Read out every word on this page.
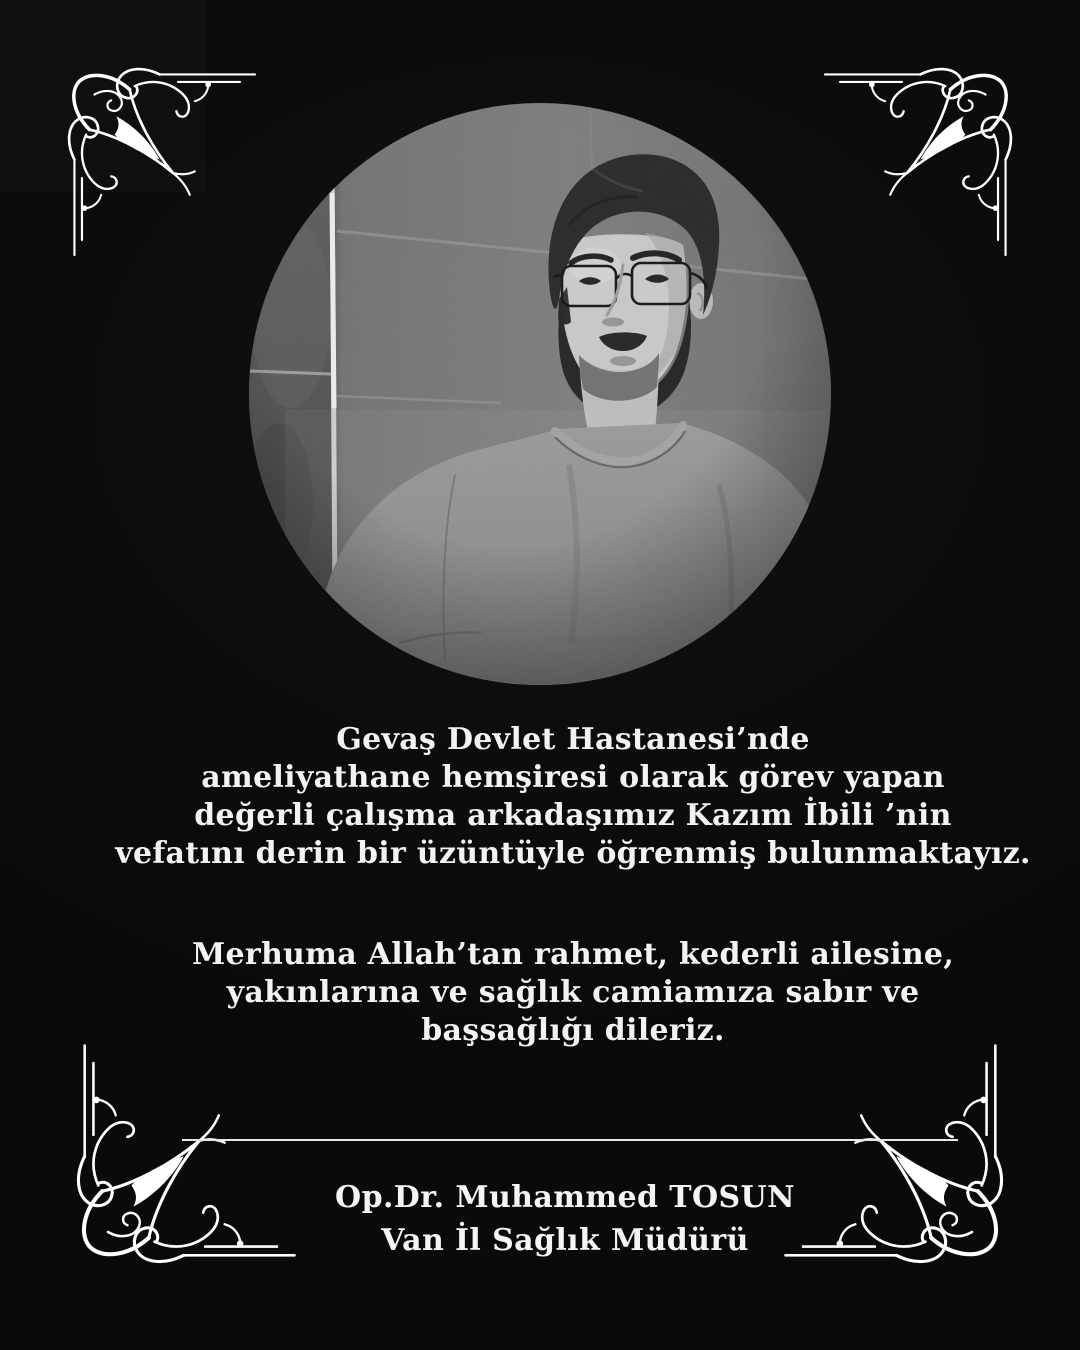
Gevaş Devlet Hastanesi’nde
ameliyathane hemşiresi olarak görev yapan
değerli çalışma arkadaşımız Kazım İbili ’nin
vefatını derin bir üzüntüyle öğrenmiş bulunmaktayız.
Merhuma Allah’tan rahmet, kederli ailesine,
yakınlarına ve sağlık camiamıza sabır ve
başsağlığı dileriz.
Op.Dr. Muhammed TOSUN
Van İl Sağlık Müdürü
